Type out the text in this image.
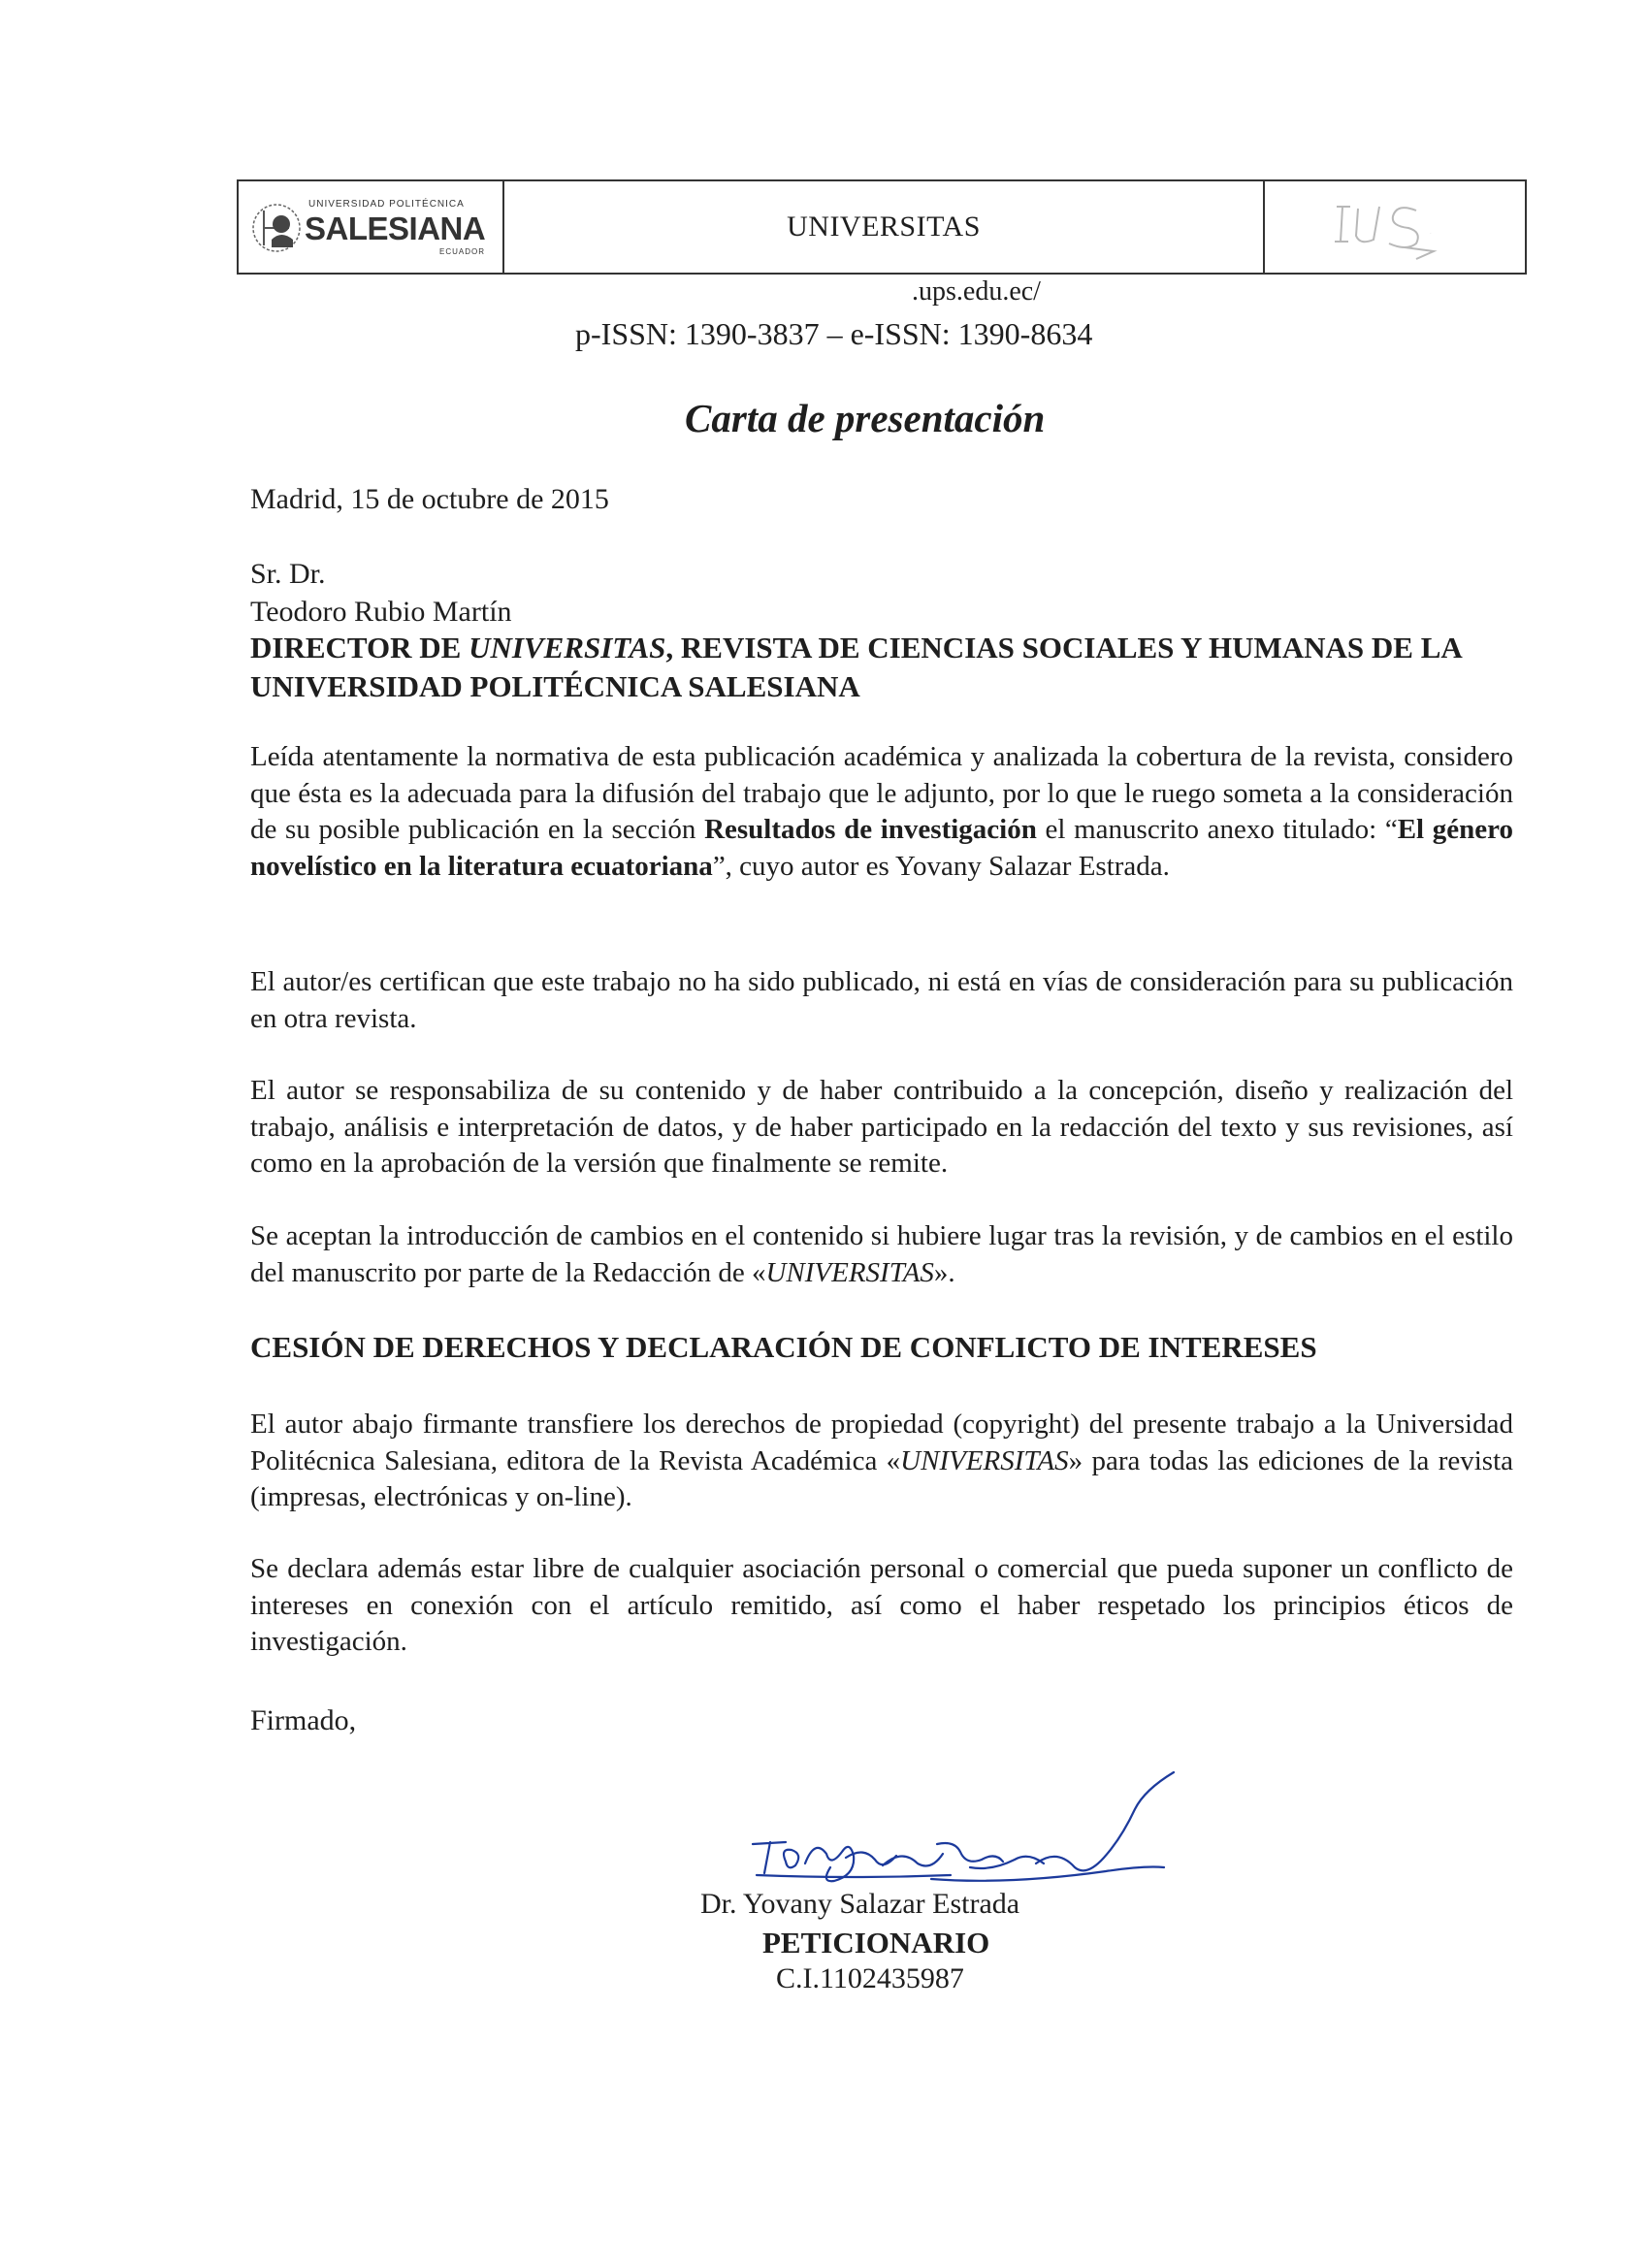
UNIVERSIDAD POLITÉCNICA
SALESIANA
ECUADOR
UNIVERSITAS	IUS
.ups.edu.ec/
p-ISSN: 1390-3837 – e-ISSN: 1390-8634
Carta de presentación
Madrid, 15 de octubre de 2015
Sr. Dr.
Teodoro Rubio Martín
DIRECTOR DE UNIVERSITAS, REVISTA DE CIENCIAS SOCIALES Y HUMANAS DE LA UNIVERSIDAD POLITÉCNICA SALESIANA
Leída atentamente la normativa de esta publicación académica y analizada la cobertura de la revista, considero que ésta es la adecuada para la difusión del trabajo que le adjunto, por lo que le ruego someta a la consideración de su posible publicación en la sección Resultados de investigación el manuscrito anexo titulado: “El género novelístico en la literatura ecuatoriana”, cuyo autor es Yovany Salazar Estrada.
El autor/es certifican que este trabajo no ha sido publicado, ni está en vías de consideración para su publicación en otra revista.
El autor se responsabiliza de su contenido y de haber contribuido a la concepción, diseño y realización del trabajo, análisis e interpretación de datos, y de haber participado en la redacción del texto y sus revisiones, así como en la aprobación de la versión que finalmente se remite.
Se aceptan la introducción de cambios en el contenido si hubiere lugar tras la revisión, y de cambios en el estilo del manuscrito por parte de la Redacción de «UNIVERSITAS».
CESIÓN DE DERECHOS Y DECLARACIÓN DE CONFLICTO DE INTERESES
El autor abajo firmante transfiere los derechos de propiedad (copyright) del presente trabajo a la Universidad Politécnica Salesiana, editora de la Revista Académica «UNIVERSITAS» para todas las ediciones de la revista (impresas, electrónicas y on-line).
Se declara además estar libre de cualquier asociación personal o comercial que pueda suponer un conflicto de intereses en conexión con el artículo remitido, así como el haber respetado los principios éticos de investigación.
Firmado,
Dr. Yovany Salazar Estrada
PETICIONARIO
C.I.1102435987
